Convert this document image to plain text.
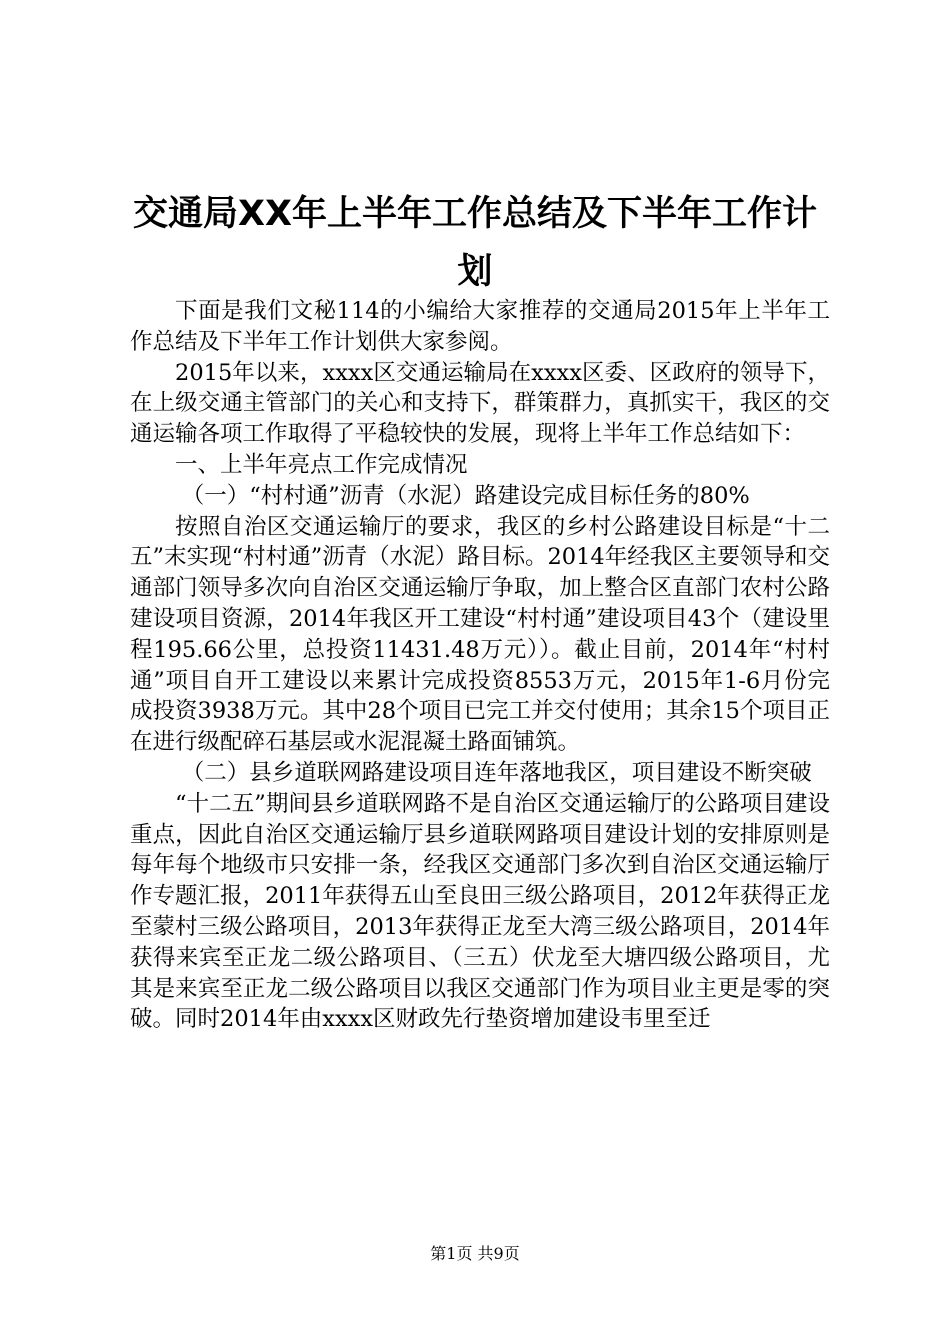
交通局XX年上半年工作总结及下半年工作计划

下面是我们文秘114的小编给大家推荐的交通局2015年上半年工作总结及下半年工作计划供大家参阅。

2015年以来，xxxx区交通运输局在xxxx区委、区政府的领导下，在上级交通主管部门的关心和支持下，群策群力，真抓实干，我区的交通运输各项工作取得了平稳较快的发展，现将上半年工作总结如下：

一、上半年亮点工作完成情况

（一）“村村通”沥青（水泥）路建设完成目标任务的80%

按照自治区交通运输厅的要求，我区的乡村公路建设目标是“十二五”末实现“村村通”沥青（水泥）路目标。2014年经我区主要领导和交通部门领导多次向自治区交通运输厅争取，加上整合区直部门农村公路建设项目资源，2014年我区开工建设“村村通”建设项目43个（建设里程195.66公里，总投资11431.48万元））。截止目前，2014年“村村通”项目自开工建设以来累计完成投资8553万元，2015年1-6月份完成投资3938万元。其中28个项目已完工并交付使用；其余15个项目正在进行级配碎石基层或水泥混凝土路面铺筑。

（二）县乡道联网路建设项目连年落地我区，项目建设不断突破

“十二五”期间县乡道联网路不是自治区交通运输厅的公路项目建设重点，因此自治区交通运输厅县乡道联网路项目建设计划的安排原则是每年每个地级市只安排一条，经我区交通部门多次到自治区交通运输厅作专题汇报，2011年获得五山至良田三级公路项目，2012年获得正龙至蒙村三级公路项目，2013年获得正龙至大湾三级公路项目，2014年获得来宾至正龙二级公路项目、（三五）伏龙至大塘四级公路项目，尤其是来宾至正龙二级公路项目以我区交通部门作为项目业主更是零的突破。同时2014年由xxxx区财政先行垫资增加建设韦里至迁

第1页 共9页
